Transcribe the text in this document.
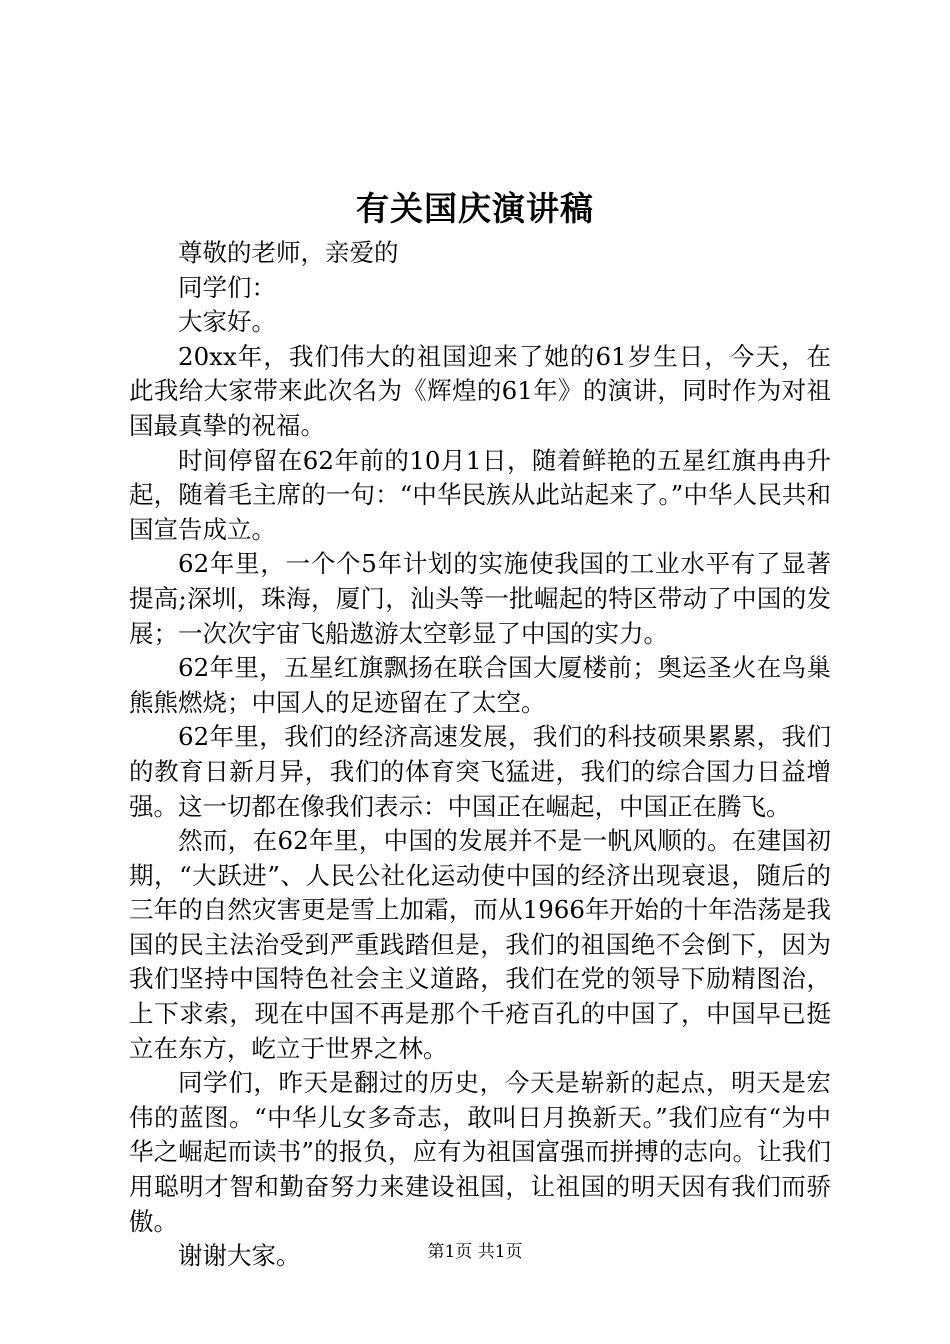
有关国庆演讲稿

尊敬的老师，亲爱的

同学们：

大家好。

20xx年，我们伟大的祖国迎来了她的61岁生日，今天，在此我给大家带来此次名为《辉煌的61年》的演讲，同时作为对祖国最真挚的祝福。

时间停留在62年前的10月1日，随着鲜艳的五星红旗冉冉升起，随着毛主席的一句：“中华民族从此站起来了。”中华人民共和国宣告成立。

62年里，一个个5年计划的实施使我国的工业水平有了显著提高;深圳，珠海，厦门，汕头等一批崛起的特区带动了中国的发展；一次次宇宙飞船遨游太空彰显了中国的实力。

62年里，五星红旗飘扬在联合国大厦楼前；奥运圣火在鸟巢熊熊燃烧；中国人的足迹留在了太空。

62年里，我们的经济高速发展，我们的科技硕果累累，我们的教育日新月异，我们的体育突飞猛进，我们的综合国力日益增强。这一切都在像我们表示：中国正在崛起，中国正在腾飞。

然而，在62年里，中国的发展并不是一帆风顺的。在建国初期，“大跃进”、人民公社化运动使中国的经济出现衰退，随后的三年的自然灾害更是雪上加霜，而从1966年开始的十年浩荡是我国的民主法治受到严重践踏但是，我们的祖国绝不会倒下，因为我们坚持中国特色社会主义道路，我们在党的领导下励精图治，上下求索，现在中国不再是那个千疮百孔的中国了，中国早已挺立在东方，屹立于世界之林。

同学们，昨天是翻过的历史，今天是崭新的起点，明天是宏伟的蓝图。“中华儿女多奇志，敢叫日月换新天。”我们应有“为中华之崛起而读书”的报负，应有为祖国富强而拼搏的志向。让我们用聪明才智和勤奋努力来建设祖国，让祖国的明天因有我们而骄傲。

谢谢大家。	第1页 共1页
